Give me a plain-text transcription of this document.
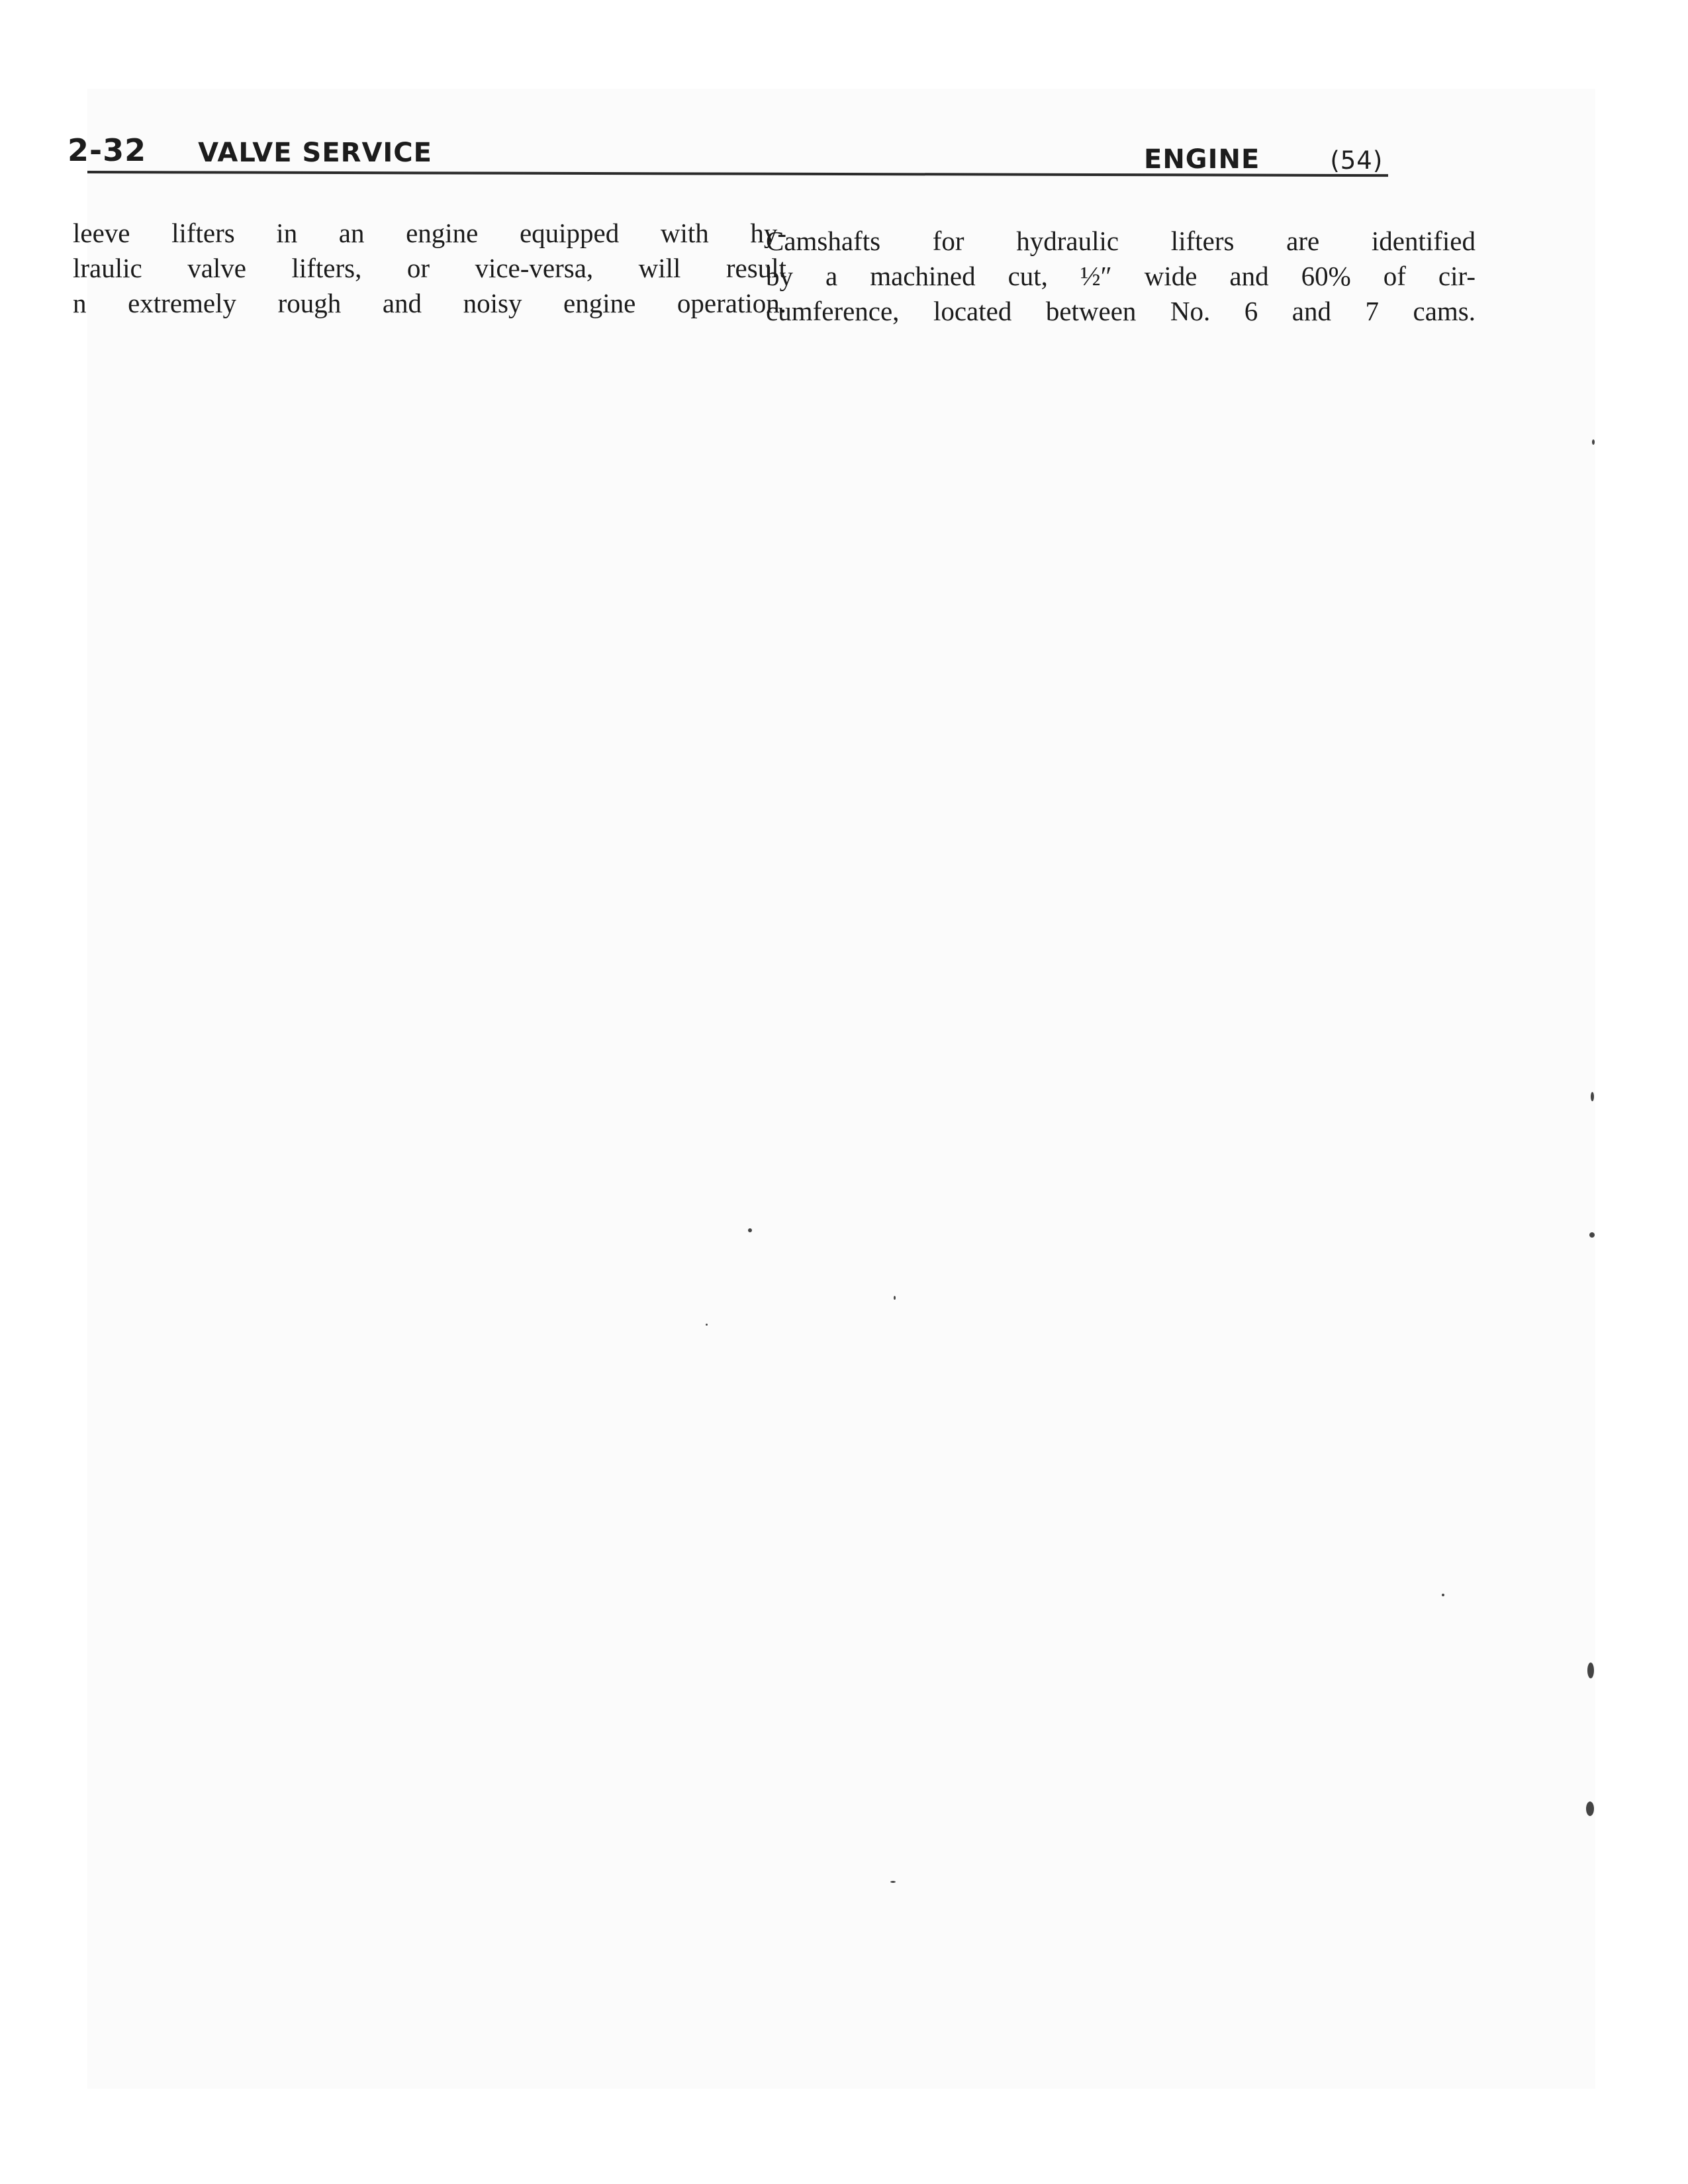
2-32 VALVE SERVICE	ENGINE	(54)
leeve lifters in an engine equipped with hy-
lraulic valve lifters, or vice-versa, will result
n extremely rough and noisy engine operation.
Camshafts for hydraulic lifters are identified
by a machined cut, ½″ wide and 60% of cir-
cumference, located between No. 6 and 7 cams.
